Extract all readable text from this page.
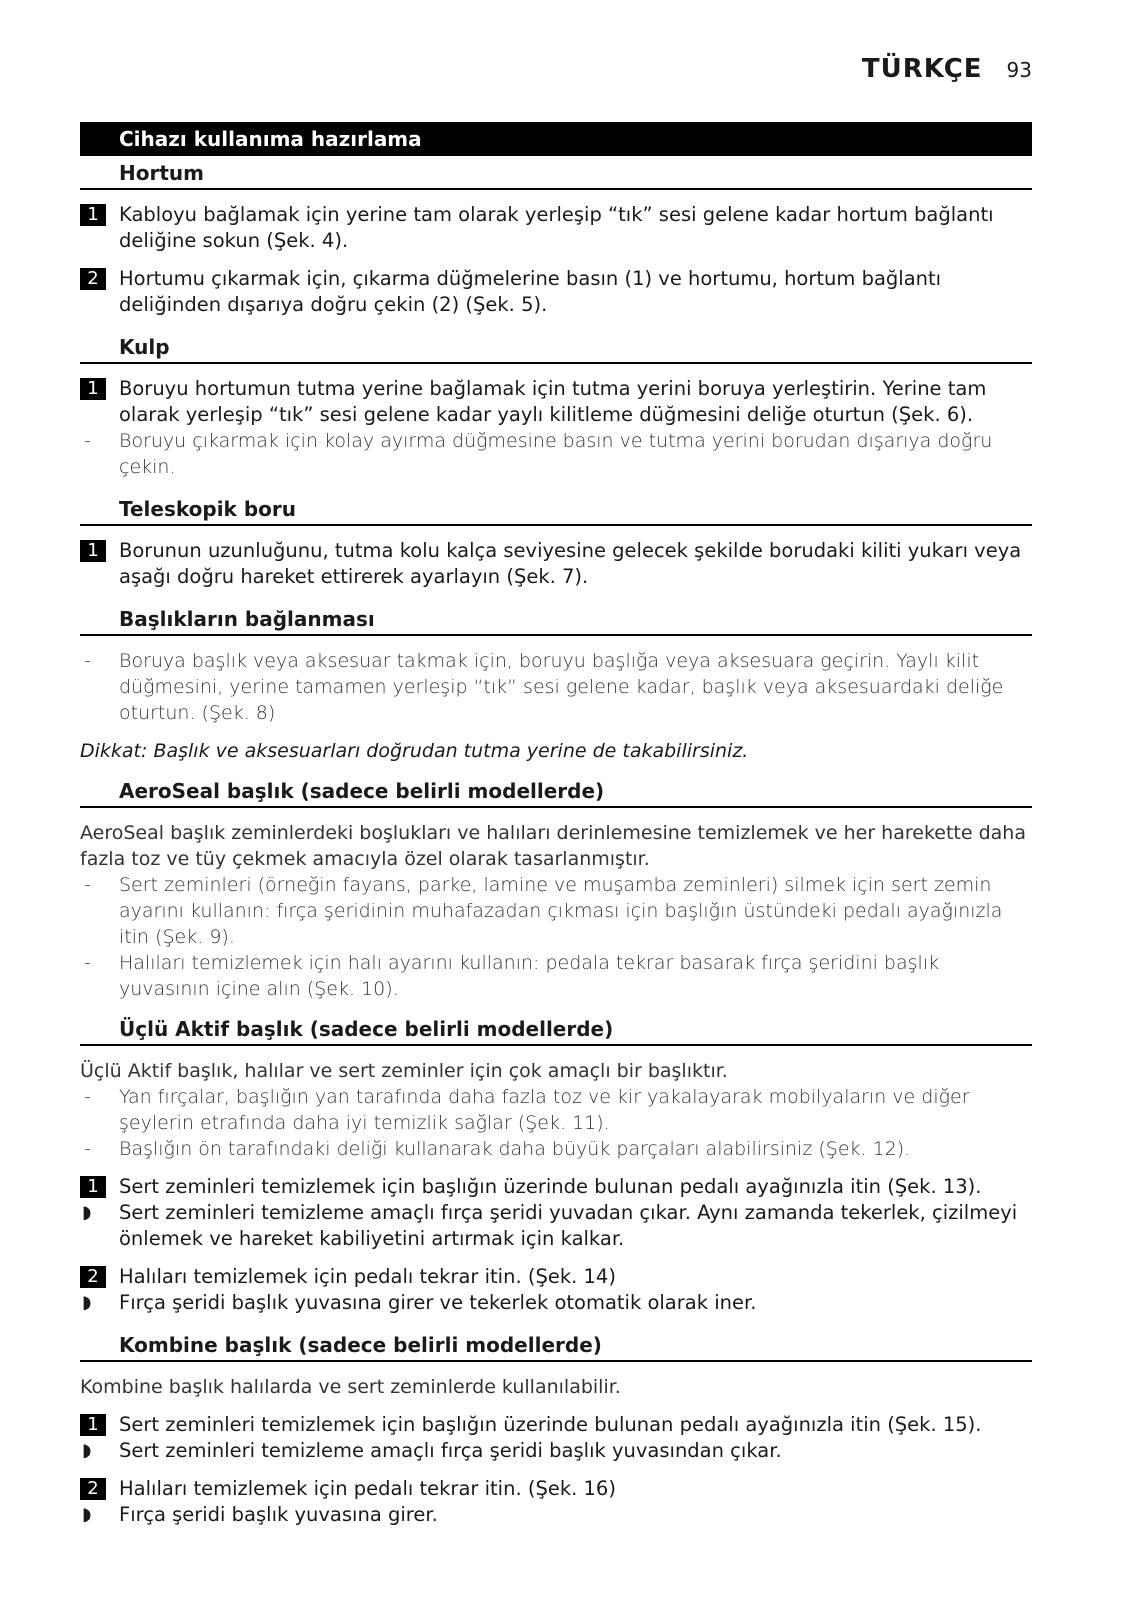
TÜRKÇE 93
Cihazı kullanıma hazırlama
Hortum
1	Kabloyu bağlamak için yerine tam olarak yerleşip “tık” sesi gelene kadar hortum bağlantı deliğine sokun (Şek. 4).
2	Hortumu çıkarmak için, çıkarma düğmelerine basın (1) ve hortumu, hortum bağlantı deliğinden dışarıya doğru çekin (2) (Şek. 5).
Kulp
1	Boruyu hortumun tutma yerine bağlamak için tutma yerini boruya yerleştirin. Yerine tam olarak yerleşip “tık” sesi gelene kadar yaylı kilitleme düğmesini deliğe oturtun (Şek. 6).
- Boruyu çıkarmak için kolay ayırma düğmesine basın ve tutma yerini borudan dışarıya doğru çekin.
Teleskopik boru
1	Borunun uzunluğunu, tutma kolu kalça seviyesine gelecek şekilde borudaki kiliti yukarı veya aşağı doğru hareket ettirerek ayarlayın (Şek. 7).
Başlıkların bağlanması
- Boruya başlık veya aksesuar takmak için, boruyu başlığa veya aksesuara geçirin. Yaylı kilit düğmesini, yerine tamamen yerleşip “tık” sesi gelene kadar, başlık veya aksesuardaki deliğe oturtun. (Şek. 8)
Dikkat: Başlık ve aksesuarları doğrudan tutma yerine de takabilirsiniz.
AeroSeal başlık (sadece belirli modellerde)
AeroSeal başlık zeminlerdeki boşlukları ve halıları derinlemesine temizlemek ve her harekette daha fazla toz ve tüy çekmek amacıyla özel olarak tasarlanmıştır.
- Sert zeminleri (örneğin fayans, parke, lamine ve muşamba zeminleri) silmek için sert zemin ayarını kullanın: fırça şeridinin muhafazadan çıkması için başlığın üstündeki pedalı ayağınızla itin (Şek. 9).
- Halıları temizlemek için halı ayarını kullanın: pedala tekrar basarak fırça şeridini başlık yuvasının içine alın (Şek. 10).
Üçlü Aktif başlık (sadece belirli modellerde)
Üçlü Aktif başlık, halılar ve sert zeminler için çok amaçlı bir başlıktır.
- Yan fırçalar, başlığın yan tarafında daha fazla toz ve kir yakalayarak mobilyaların ve diğer şeylerin etrafında daha iyi temizlik sağlar (Şek. 11).
- Başlığın ön tarafındaki deliği kullanarak daha büyük parçaları alabilirsiniz (Şek. 12).
1	Sert zeminleri temizlemek için başlığın üzerinde bulunan pedalı ayağınızla itin (Şek. 13).
◗ Sert zeminleri temizleme amaçlı fırça şeridi yuvadan çıkar. Aynı zamanda tekerlek, çizilmeyi önlemek ve hareket kabiliyetini artırmak için kalkar.
2	Halıları temizlemek için pedalı tekrar itin. (Şek. 14)
◗ Fırça şeridi başlık yuvasına girer ve tekerlek otomatik olarak iner.
Kombine başlık (sadece belirli modellerde)
Kombine başlık halılarda ve sert zeminlerde kullanılabilir.
1	Sert zeminleri temizlemek için başlığın üzerinde bulunan pedalı ayağınızla itin (Şek. 15).
◗ Sert zeminleri temizleme amaçlı fırça şeridi başlık yuvasından çıkar.
2	Halıları temizlemek için pedalı tekrar itin. (Şek. 16)
◗ Fırça şeridi başlık yuvasına girer.
